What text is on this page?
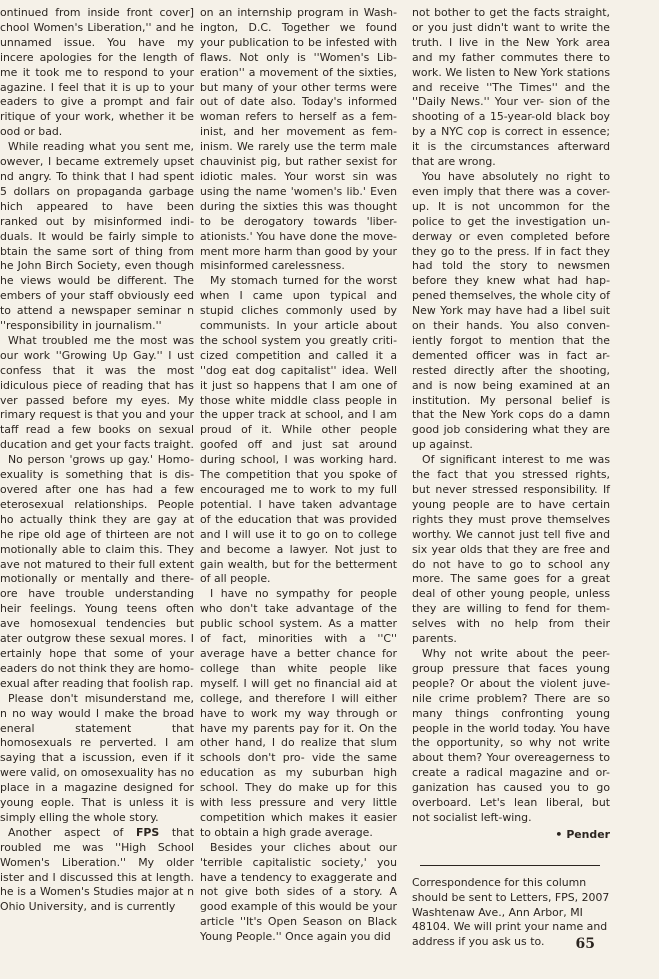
ontinued from inside front cover] chool Women's Liberation,'' and he unnamed issue. You have my incere apologies for the length of me it took me to respond to your agazine. I feel that it is up to your eaders to give a prompt and fair ritique of your work, whether it be ood or bad.

While reading what you sent me, owever, I became extremely upset nd angry. To think that I had spent 5 dollars on propaganda garbage hich appeared to have been ranked out by misinformed indi- duals. It would be fairly simple to btain the same sort of thing from he John Birch Society, even though he views would be different. The embers of your staff obviously eed to attend a newspaper seminar n ''responsibility in journalism.''

What troubled me the most was our work ''Growing Up Gay.'' I ust confess that it was the most idiculous piece of reading that has ver passed before my eyes. My rimary request is that you and your taff read a few books on sexual ducation and get your facts traight.

No person 'grows up gay.' Homo- exuality is something that is dis- overed after one has had a few eterosexual relationships. People ho actually think they are gay at he ripe old age of thirteen are not motionally able to claim this. They ave not matured to their full extent motionally or mentally and there- ore have trouble understanding heir feelings. Young teens often ave homosexual tendencies but ater outgrow these sexual mores. I ertainly hope that some of your eaders do not think they are homo- exual after reading that foolish rap.

Please don't misunderstand me, n no way would I make the broad eneral statement that homosexuals re perverted. I am saying that a iscussion, even if it were valid, on omosexuality has no place in a magazine designed for young eople. That is unless it is simply elling the whole story.

Another aspect of FPS that roubled me was ''High School Women's Liberation.'' My older ister and I discussed this at length. he is a Women's Studies major at n Ohio University, and is currently

on an internship program in Wash- ington, D.C. Together we found your publication to be infested with flaws. Not only is ''Women's Lib- eration'' a movement of the sixties, but many of your other terms were out of date also. Today's informed woman refers to herself as a fem- inist, and her movement as fem- inism. We rarely use the term male chauvinist pig, but rather sexist for idiotic males. Your worst sin was using the name 'women's lib.' Even during the sixties this was thought to be derogatory towards 'liber- ationists.' You have done the move- ment more harm than good by your misinformed carelessness.

My stomach turned for the worst when I came upon typical and stupid cliches commonly used by communists. In your article about the school system you greatly criti- cized competition and called it a ''dog eat dog capitalist'' idea. Well it just so happens that I am one of those white middle class people in the upper track at school, and I am proud of it. While other people goofed off and just sat around during school, I was working hard. The competition that you spoke of encouraged me to work to my full potential. I have taken advantage of the education that was provided and I will use it to go on to college and become a lawyer. Not just to gain wealth, but for the betterment of all people.

I have no sympathy for people who don't take advantage of the public school system. As a matter of fact, minorities with a ''C'' average have a better chance for college than white people like myself. I will get no financial aid at college, and therefore I will either have to work my way through or have my parents pay for it. On the other hand, I do realize that slum schools don't pro- vide the same education as my suburban high school. They do make up for this with less pressure and very little competition which makes it easier to obtain a high grade average.

Besides your cliches about our 'terrible capitalistic society,' you have a tendency to exaggerate and not give both sides of a story. A good example of this would be your article ''It's Open Season on Black Young People.'' Once again you did

not bother to get the facts straight, or you just didn't want to write the truth. I live in the New York area and my father commutes there to work. We listen to New York stations and receive ''The Times'' and the ''Daily News.'' Your ver- sion of the shooting of a 15-year-old black boy by a NYC cop is correct in essence; it is the circumstances afterward that are wrong.

You have absolutely no right to even imply that there was a cover- up. It is not uncommon for the police to get the investigation un- derway or even completed before they go to the press. If in fact they had told the story to newsmen before they knew what had hap- pened themselves, the whole city of New York may have had a libel suit on their hands. You also conven- iently forgot to mention that the demented officer was in fact ar- rested directly after the shooting, and is now being examined at an institution. My personal belief is that the New York cops do a damn good job considering what they are up against.

Of significant interest to me was the fact that you stressed rights, but never stressed responsibility. If young people are to have certain rights they must prove themselves worthy. We cannot just tell five and six year olds that they are free and do not have to go to school any more. The same goes for a great deal of other young people, unless they are willing to fend for them- selves with no help from their parents.

Why not write about the peer- group pressure that faces young people? Or about the violent juve- nile crime problem? There are so many things confronting young people in the world today. You have the opportunity, so why not write about them? Your overeagerness to create a radical magazine and or- ganization has caused you to go overboard. Let's lean liberal, but not socialist left-wing.

• Pender

Correspondence for this column should be sent to Letters, FPS, 2007 Washtenaw Ave., Ann Arbor, MI 48104. We will print your name and address if you ask us to.	65
